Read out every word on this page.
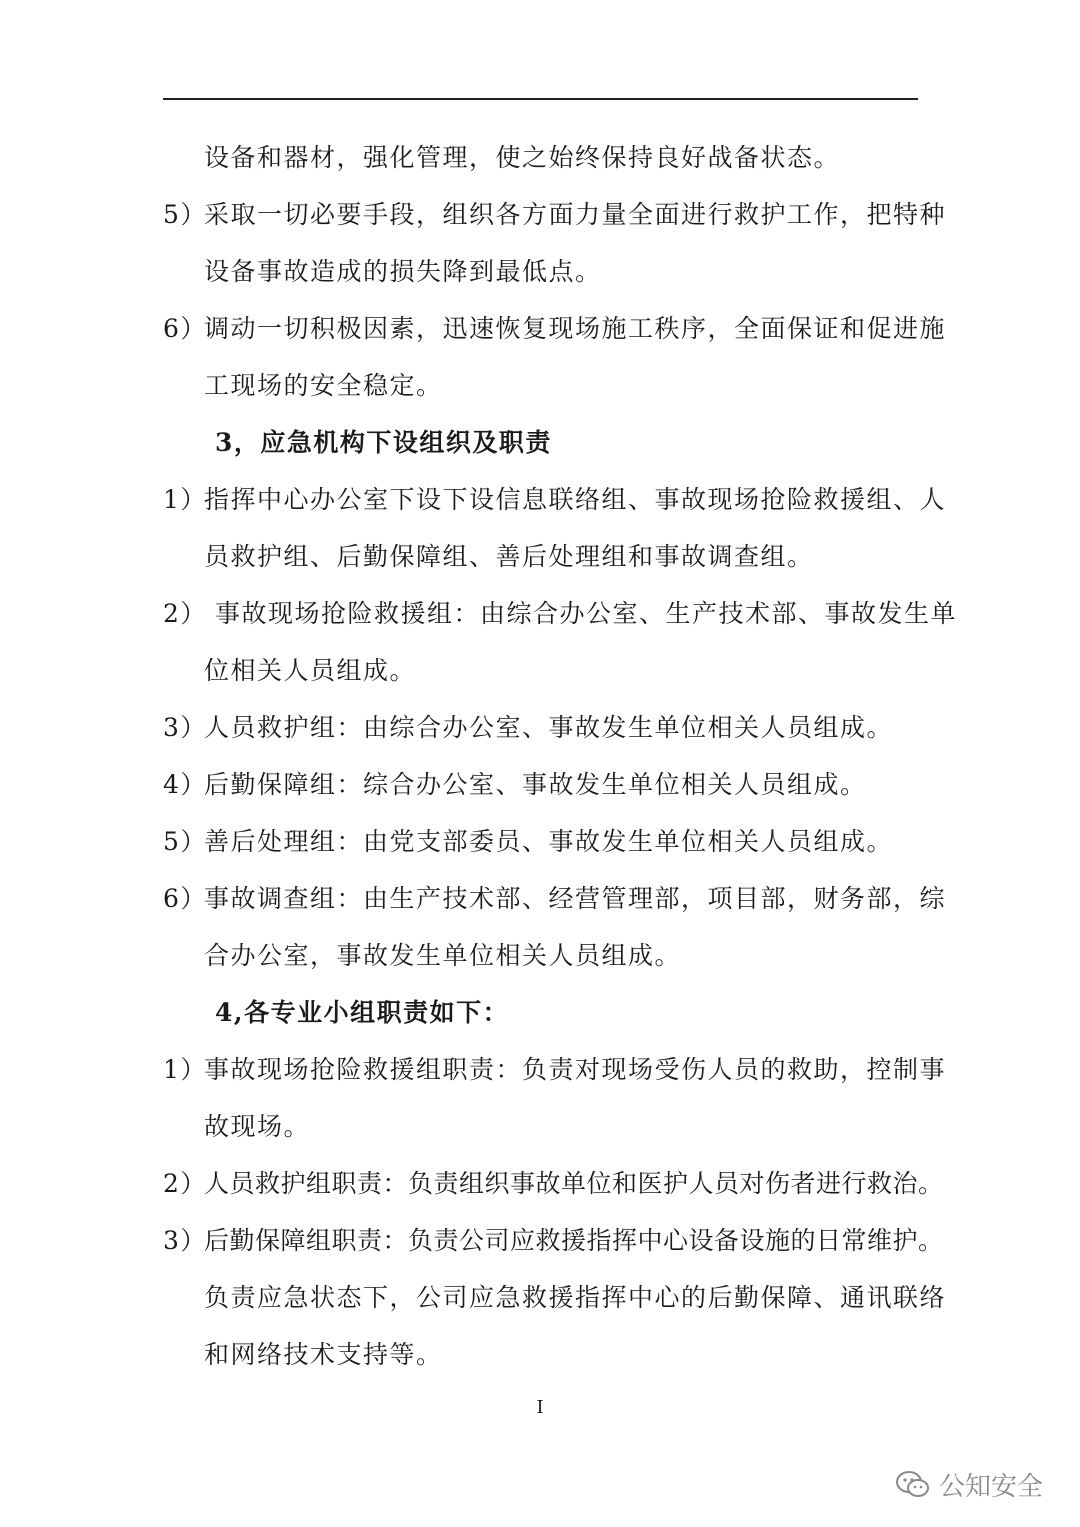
设备和器材，强化管理，使之始终保持良好战备状态。
5）
采取一切必要手段，组织各方面力量全面进行救护工作，把特种
设备事故造成的损失降到最低点。
6）
调动一切积极因素，迅速恢复现场施工秩序，全面保证和促进施
工现场的安全稳定。
3，应急机构下设组织及职责
1）
指挥中心办公室下设下设信息联络组、事故现场抢险救援组、人
员救护组、后勤保障组、善后处理组和事故调查组。
2） 事故现场抢险救援组：由综合办公室、生产技术部、事故发生单
位相关人员组成。
3）
人员救护组：由综合办公室、事故发生单位相关人员组成。
4）
后勤保障组：综合办公室、事故发生单位相关人员组成。
5）
善后处理组：由党支部委员、事故发生单位相关人员组成。
6）
事故调查组：由生产技术部、经营管理部，项目部，财务部，综
合办公室，事故发生单位相关人员组成。
4,各专业小组职责如下：
1）
事故现场抢险救援组职责：负责对现场受伤人员的救助，控制事
故现场。
2）
人员救护组职责：负责组织事故单位和医护人员对伤者进行救治。
3）
后勤保障组职责：负责公司应救援指挥中心设备设施的日常维护。
负责应急状态下，公司应急救援指挥中心的后勤保障、通讯联络
和网络技术支持等。
I
公知安全
